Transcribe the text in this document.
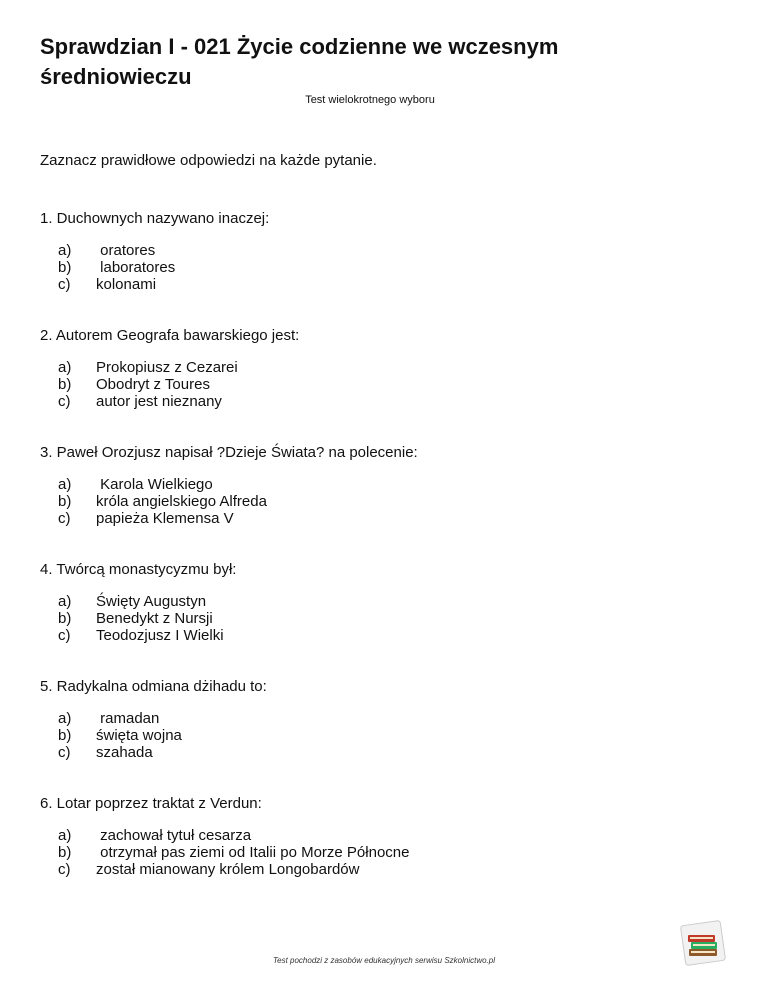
Sprawdzian I - 021 Życie codzienne we wczesnym średniowieczu
Test wielokrotnego wyboru
Zaznacz prawidłowe odpowiedzi na każde pytanie.
1. Duchownych nazywano inaczej:
a)	oratores
b)	laboratores
c)	kolonami
2. Autorem Geografa bawarskiego jest:
a)	Prokopiusz z Cezarei
b)	Obodryt z Toures
c)	autor jest nieznany
3. Paweł Orozjusz napisał ?Dzieje Świata? na polecenie:
a)	Karola Wielkiego
b)	króla angielskiego Alfreda
c)	papieża Klemensa V
4. Twórcą monastycyzmu był:
a)	Święty Augustyn
b)	Benedykt z Nursji
c)	Teodozjusz I Wielki
5. Radykalna odmiana dżihadu to:
a)	ramadan
b)	święta wojna
c)	szahada
6. Lotar poprzez traktat z Verdun:
a)	zachował tytuł cesarza
b)	otrzymał pas ziemi od Italii po Morze Północne
c)	został mianowany królem Longobardów
Test pochodzi z zasobów edukacyjnych serwisu Szkolnictwo.pl
